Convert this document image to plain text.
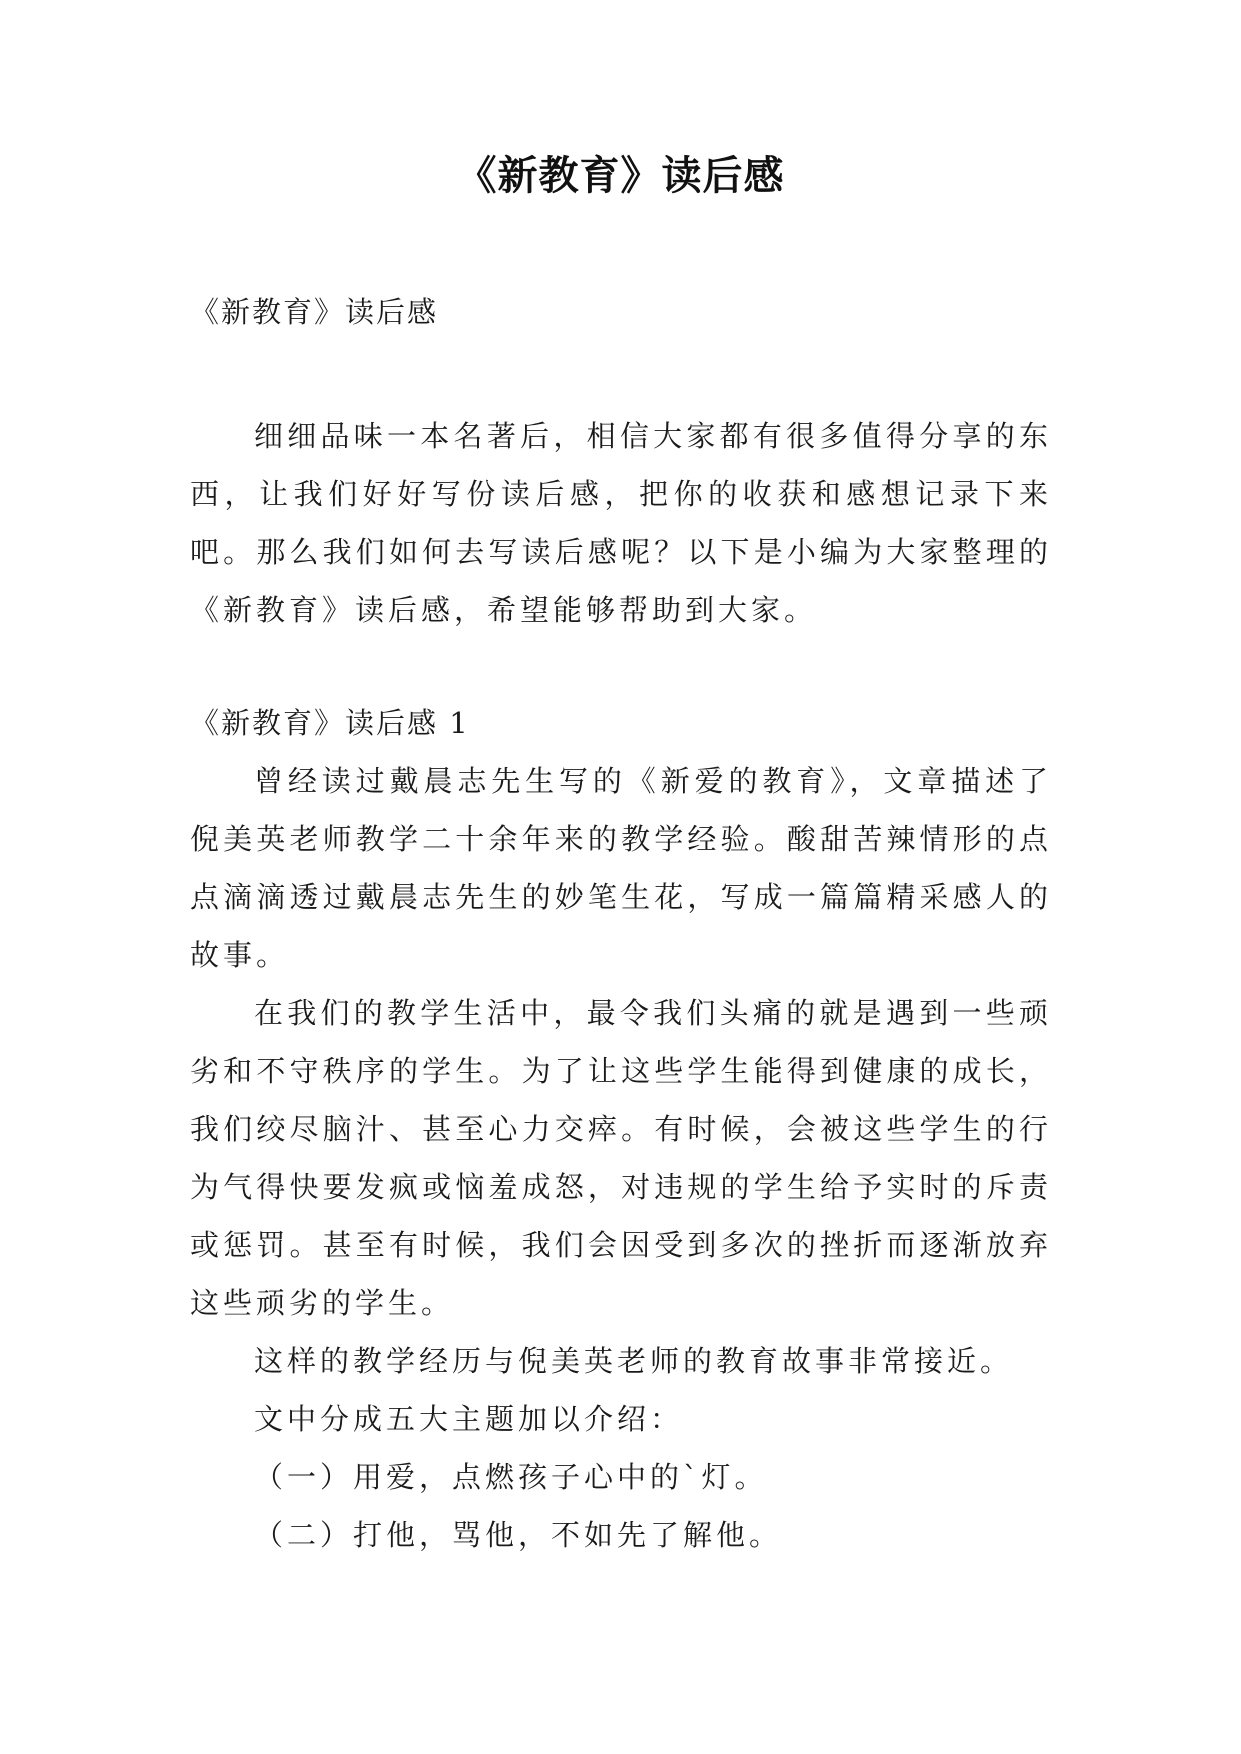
《新教育》读后感
《新教育》读后感

细细品味一本名著后，相信大家都有很多值得分享的东西，让我们好好写份读后感，把你的收获和感想记录下来吧。那么我们如何去写读后感呢？以下是小编为大家整理的《新教育》读后感，希望能够帮助到大家。

《新教育》读后感 1

曾经读过戴晨志先生写的《新爱的教育》，文章描述了倪美英老师教学二十余年来的教学经验。酸甜苦辣情形的点点滴滴透过戴晨志先生的妙笔生花，写成一篇篇精采感人的故事。

在我们的教学生活中，最令我们头痛的就是遇到一些顽劣和不守秩序的学生。为了让这些学生能得到健康的成长，我们绞尽脑汁、甚至心力交瘁。有时候，会被这些学生的行为气得快要发疯或恼羞成怒，对违规的学生给予实时的斥责或惩罚。甚至有时候，我们会因受到多次的挫折而逐渐放弃这些顽劣的学生。

这样的教学经历与倪美英老师的教育故事非常接近。

文中分成五大主题加以介绍：

（一）用爱，点燃孩子心中的`灯。

（二）打他，骂他，不如先了解他。
